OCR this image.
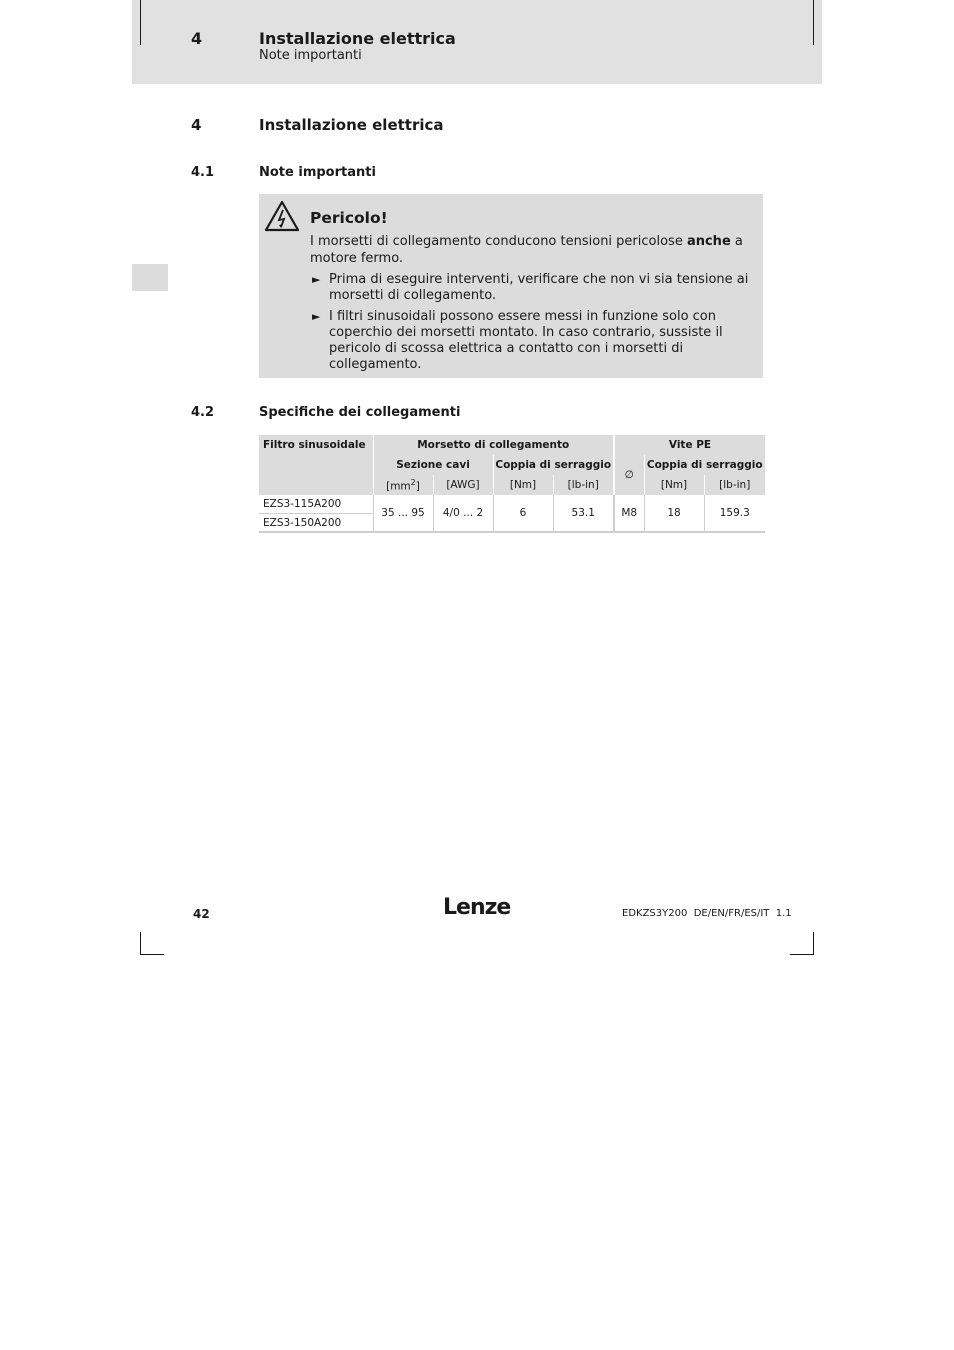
4	Installazione elettrica
Note importanti
4	Installazione elettrica
4.1	Note importanti
Pericolo!
I morsetti di collegamento conducono tensioni pericolose anche a
motore fermo.
► Prima di eseguire interventi, verificare che non vi sia tensione ai
morsetti di collegamento.
► I filtri sinusoidali possono essere messi in funzione solo con
coperchio dei morsetti montato. In caso contrario, sussiste il
pericolo di scossa elettrica a contatto con i morsetti di
collegamento.
4.2	Specifiche dei collegamenti
Filtro sinusoidale	Morsetto di collegamento				Vite PE		
	Sezione cavi		Coppia di serraggio		∅	Coppia di serraggio	
	$[mm^2]$	[AWG]	[Nm]	[lb-in]		[Nm]	[lb-in]
EZS3-115A200	35 ... 95	4/0 ... 2	6	53.1	M8	18	159.3
EZS3-150A200							
42	Lenze	EDKZS3Y200  DE/EN/FR/ES/IT  1.1
